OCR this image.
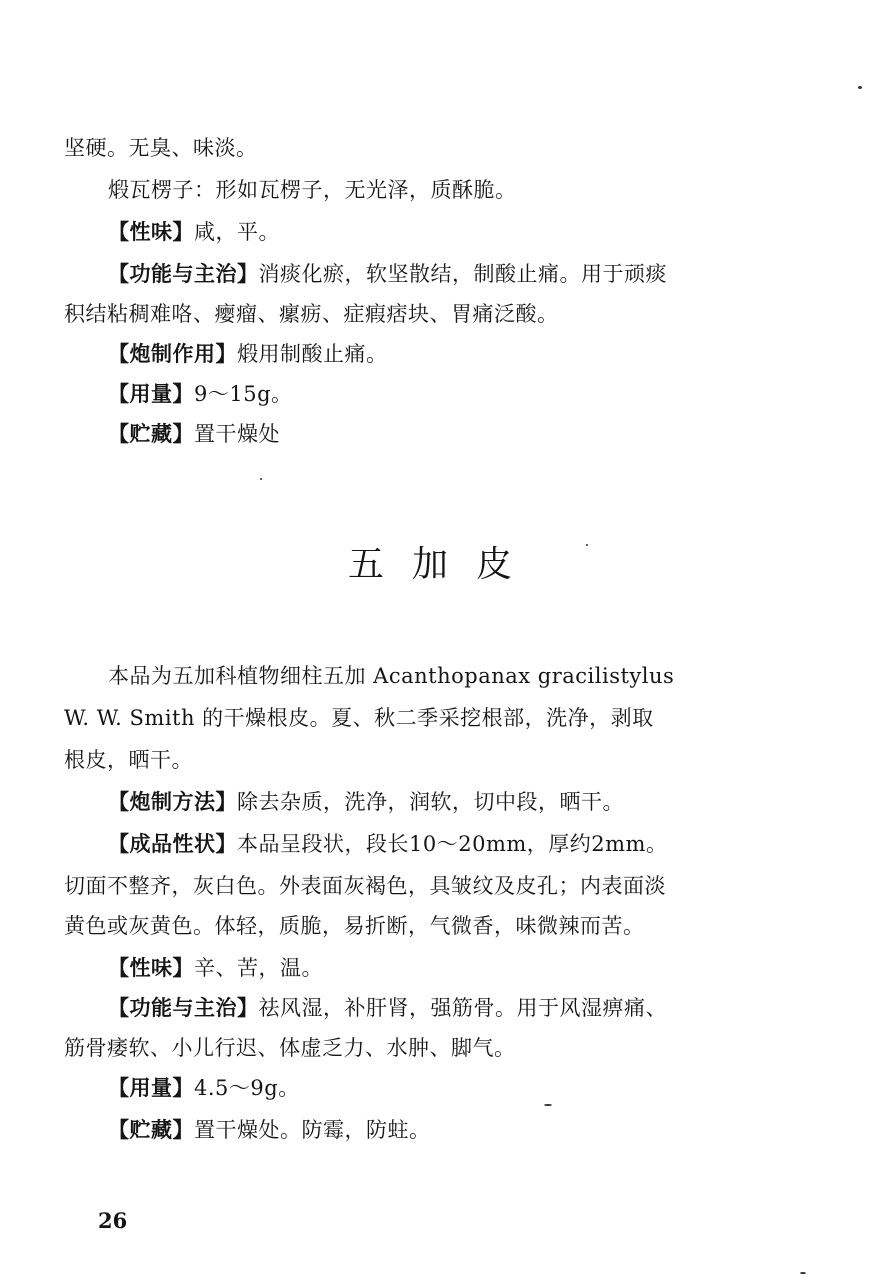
坚硬。无臭、味淡。
煅瓦楞子：形如瓦楞子，无光泽，质酥脆。
【性味】咸，平。
【功能与主治】消痰化瘀，软坚散结，制酸止痛。用于顽痰
积结粘稠难咯、瘿瘤、瘰疬、症瘕痞块、胃痛泛酸。
【炮制作用】煅用制酸止痛。
【用量】9～15g。
【贮藏】置干燥处
五加皮
本品为五加科植物细柱五加 Acanthopanax gracilistylus
W. W. Smith 的干燥根皮。夏、秋二季采挖根部，洗净，剥取
根皮，晒干。
【炮制方法】除去杂质，洗净，润软，切中段，晒干。
【成品性状】本品呈段状，段长10～20mm，厚约2mm。
切面不整齐，灰白色。外表面灰褐色，具皱纹及皮孔；内表面淡
黄色或灰黄色。体轻，质脆，易折断，气微香，味微辣而苦。
【性味】辛、苦，温。
【功能与主治】祛风湿，补肝肾，强筋骨。用于风湿痹痛、
筋骨痿软、小儿行迟、体虚乏力、水肿、脚气。
【用量】4.5～9g。
【贮藏】置干燥处。防霉，防蛀。
26
